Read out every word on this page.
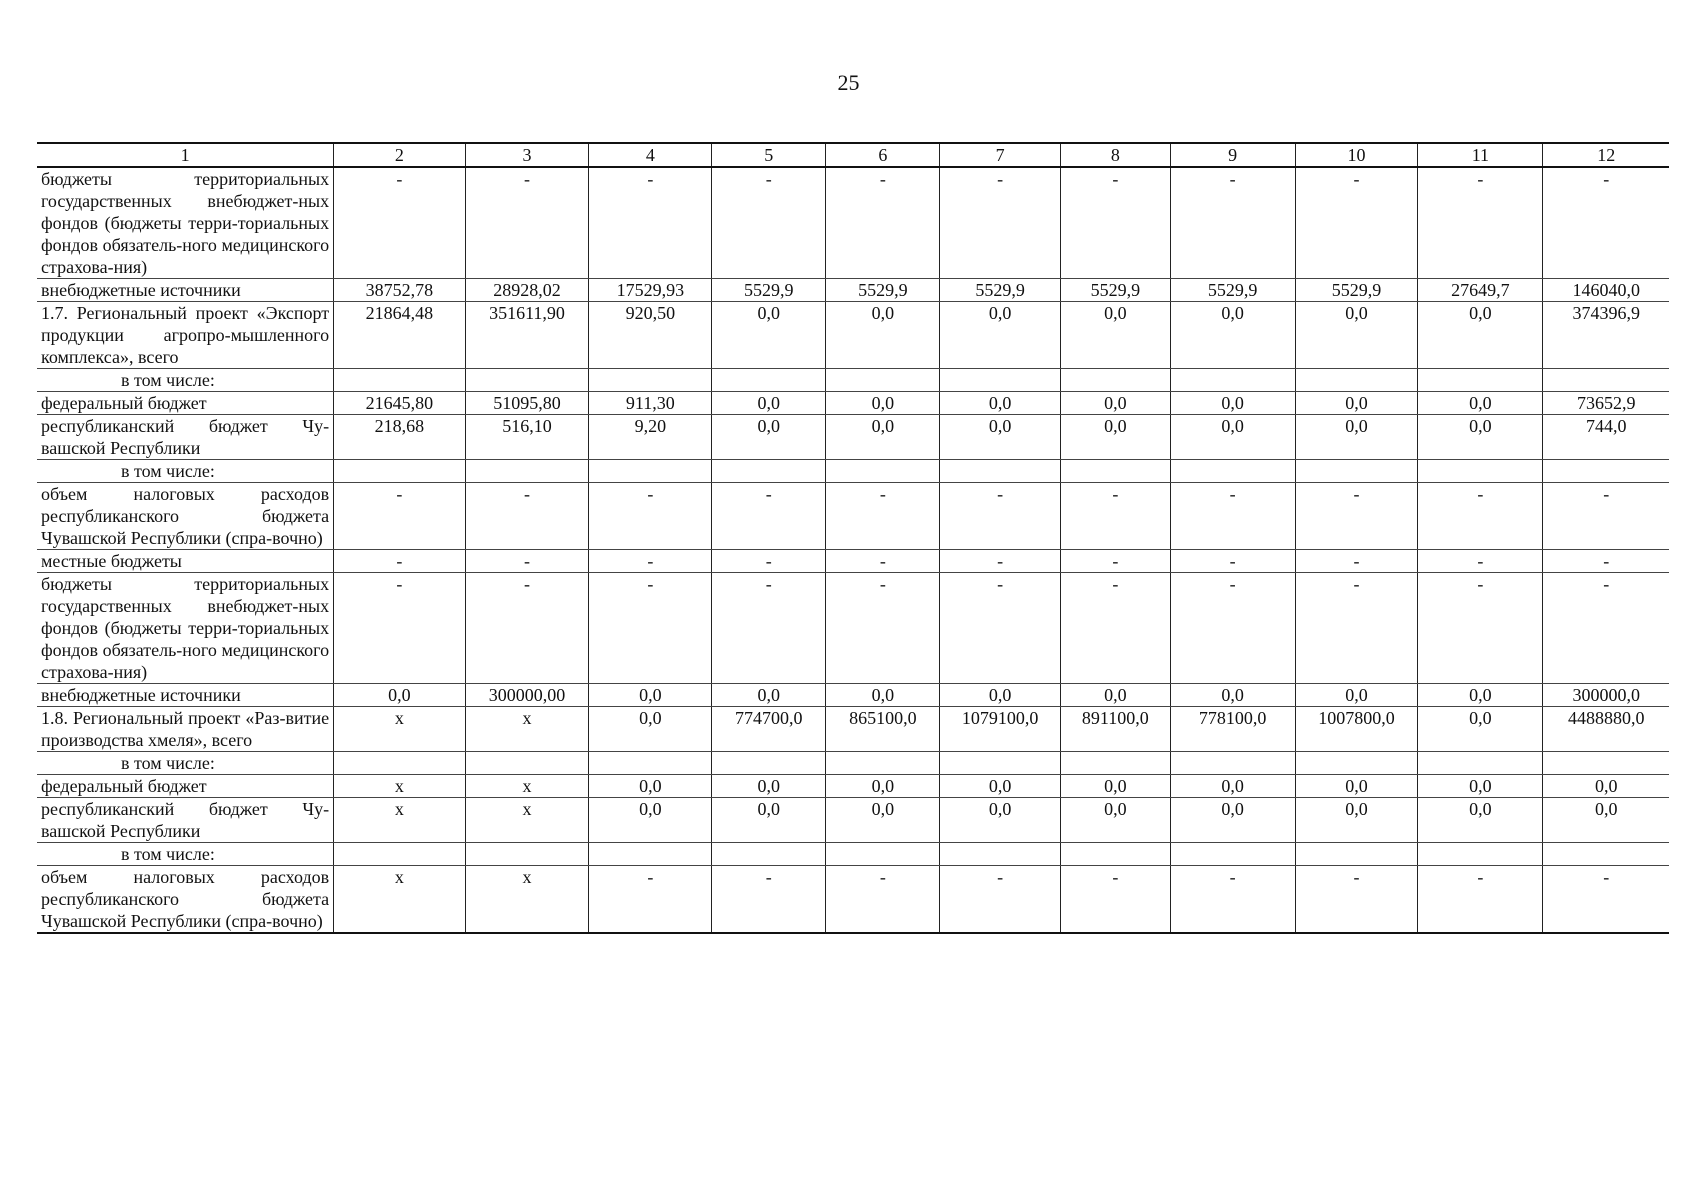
25
1	2	3	4	5	6	7	8	9	10	11	12
бюджеты территориальных государственных внебюджет-ных фондов (бюджеты терри-ториальных фондов обязатель-ного медицинского страхова-ния)	-	-	-	-	-	-	-	-	-	-	-
внебюджетные источники	38752,78	28928,02	17529,93	5529,9	5529,9	5529,9	5529,9	5529,9	5529,9	27649,7	146040,0
1.7. Региональный проект «Экспорт продукции агропро-мышленного комплекса», всего	21864,48	351611,90	920,50	0,0	0,0	0,0	0,0	0,0	0,0	0,0	374396,9
в том числе:											
федеральный бюджет	21645,80	51095,80	911,30	0,0	0,0	0,0	0,0	0,0	0,0	0,0	73652,9
республиканский бюджет Чу-вашской Республики	218,68	516,10	9,20	0,0	0,0	0,0	0,0	0,0	0,0	0,0	744,0
в том числе:											
объем налоговых расходов республиканского бюджета Чувашской Республики (спра-вочно)	-	-	-	-	-	-	-	-	-	-	-
местные бюджеты	-	-	-	-	-	-	-	-	-	-	-
бюджеты территориальных государственных внебюджет-ных фондов (бюджеты терри-ториальных фондов обязатель-ного медицинского страхова-ния)	-	-	-	-	-	-	-	-	-	-	-
внебюджетные источники	0,0	300000,00	0,0	0,0	0,0	0,0	0,0	0,0	0,0	0,0	300000,0
1.8. Региональный проект «Раз-витие производства хмеля», всего	x	x	0,0	774700,0	865100,0	1079100,0	891100,0	778100,0	1007800,0	0,0	4488880,0
в том числе:											
федеральный бюджет	x	x	0,0	0,0	0,0	0,0	0,0	0,0	0,0	0,0	0,0
республиканский бюджет Чу-вашской Республики	x	x	0,0	0,0	0,0	0,0	0,0	0,0	0,0	0,0	0,0
в том числе:											
объем налоговых расходов республиканского бюджета Чувашской Республики (спра-вочно)	x	x	-	-	-	-	-	-	-	-	-
